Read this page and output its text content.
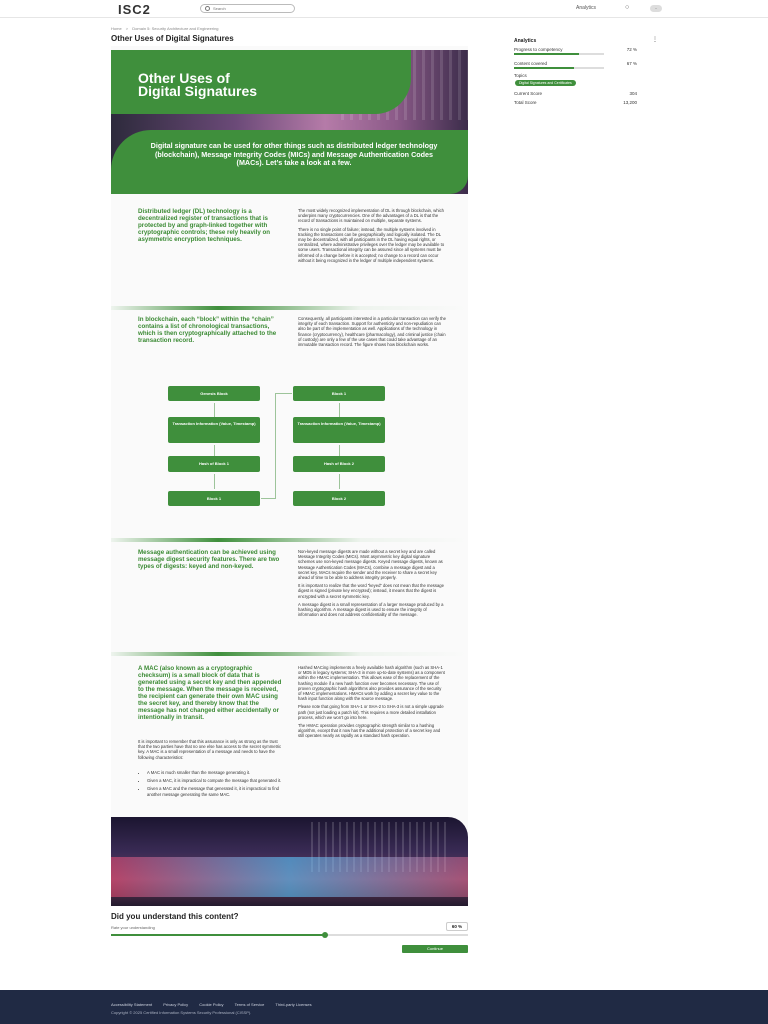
ISC2	Search	Analytics	○	··
Home > Domain 5: Security Architecture and Engineering
Other Uses of Digital Signatures	Analytics
Progress to competency	72 %
Content covered	67 %
Topics
Digital Signatures and Certificates
Current Score	304
Total Score	13,200
⋮
Other Uses of
Digital Signatures
Digital signature can be used for other things such as distributed ledger technology (blockchain), Message Integrity Codes (MICs) and Message Authentication Codes (MACs). Let’s take a look at a few.
Distributed ledger (DL) technology is a decentralized register of transactions that is protected by and graph-linked together with cryptographic controls; these rely heavily on asymmetric encryption techniques.

The most widely recognized implementation of DL is through blockchain, which underpins many cryptocurrencies. One of the advantages of a DL is that the record of transactions is maintained on multiple, separate systems.

There is no single point of failure; instead, the multiple systems involved in tracking the transactions can be geographically and logically isolated. The DL may be decentralized, with all participants in the DL having equal rights, or centralized, where administrative privileges over the ledger may be available to some users. Transactional integrity can be assured since all systems must be informed of a change before it is accepted; no change to a record can occur without it being recognized in the ledger of multiple independent systems.

In blockchain, each “block” within the “chain” contains a list of chronological transactions, which is then cryptographically attached to the transaction record.

Consequently, all participants interested in a particular transaction can verify the integrity of each transaction. Support for authenticity and non-repudiation can also be part of the implementation as well. Applications of the technology in finance (cryptocurrency), healthcare (pharmacology), and criminal justice (chain of custody) are only a few of the use cases that could take advantage of an immutable transaction record. The figure shows how blockchain works.

Genesis Block
Transaction Information (Value, Timestamp)
Hash of Block 1
Block 1
Block 1
Transaction Information (Value, Timestamp)
Hash of Block 2
Block 2
Message authentication can be achieved using message digest security features. There are two types of digests: keyed and non-keyed.

Non-keyed message digests are made without a secret key and are called Message Integrity Codes (MICs). Most asymmetric key digital signature schemes use non-keyed message digests. Keyed message digests, known as Message Authentication Codes (MACs), combine a message digest and a secret key. MACs require the sender and the receiver to share a secret key ahead of time to be able to address integrity properly.

It is important to realize that the word “keyed” does not mean that the message digest is signed (private key encrypted); instead, it means that the digest is encrypted with a secret symmetric key.

A message digest is a small representation of a larger message produced by a hashing algorithm. A message digest is used to ensure the integrity of information and does not address confidentiality of the message.

A MAC (also known as a cryptographic checksum) is a small block of data that is generated using a secret key and then appended to the message. When the message is received, the recipient can generate their own MAC using the secret key, and thereby know that the message has not changed either accidentally or intentionally in transit.
It is important to remember that this assurance is only as strong as the trust that the two parties have that no one else has access to the secret symmetric key. A MAC is a small representation of a message and needs to have the following characteristics:
• A MAC is much smaller than the message generating it.
• Given a MAC, it is impractical to compute the message that generated it.
• Given a MAC and the message that generated it, it is impractical to find another message generating the same MAC.

Hashed MACing implements a freely available hash algorithm (such as SHA-1 or MD5 in legacy systems; SHA-3 in more up-to-date systems) as a component within the HMAC implementation. This allows ease of the replacement of the hashing module if a new hash function ever becomes necessary. The use of proven cryptographic hash algorithms also provides assurance of the security of HMAC implementations. HMACs work by adding a secret key value to the hash input function along with the source message.

Please note that going from SHA-1 or SHA-2 to SHA-3 is not a simple upgrade path (not just loading a patch kit). This requires a more detailed installation process, which we won’t go into here.

The HMAC operation provides cryptographic strength similar to a hashing algorithm, except that it now has the additional protection of a secret key and still operates nearly as rapidly as a standard hash operation.

Did you understand this content?
Rate your understanding	60 %
Continue
Accessibility Statement	Privacy Policy	Cookie Policy	Terms of Service	Third-party Licenses
Copyright © 2025 Certified Information Systems Security Professional (CISSP).
